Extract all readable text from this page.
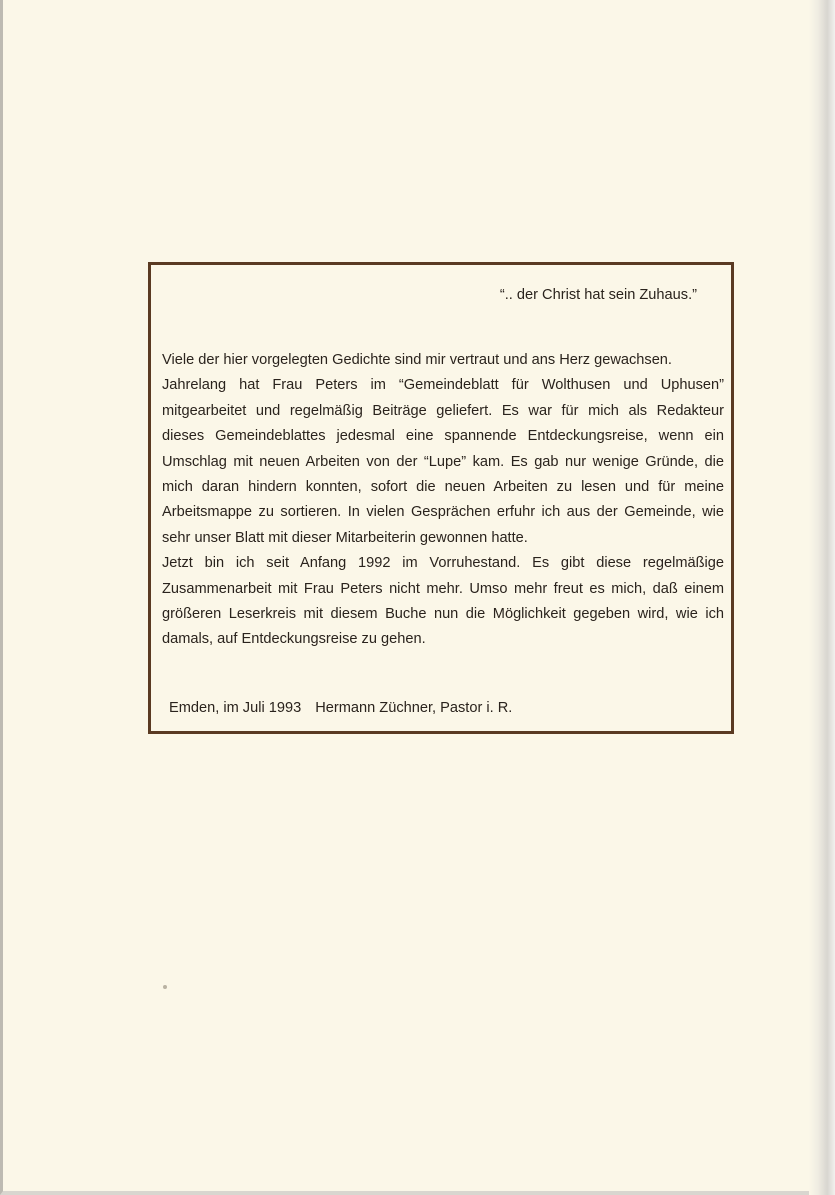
“.. der Christ hat sein Zuhaus.”
Viele der hier vorgelegten Gedichte sind mir vertraut und ans Herz gewachsen.
Jahrelang hat Frau Peters im “Gemeindeblatt für Wolthusen und Uphusen”
mitgearbeitet und regelmäßig Beiträge geliefert. Es war für mich als Redakteur
dieses Gemeindeblattes jedesmal eine spannende Entdeckungsreise, wenn ein
Umschlag mit neuen Arbeiten von der “Lupe” kam. Es gab nur wenige Gründe, die
mich daran hindern konnten, sofort die neuen Arbeiten zu lesen und für meine
Arbeitsmappe zu sortieren. In vielen Gesprächen erfuhr ich aus der Gemeinde, wie
sehr unser Blatt mit dieser Mitarbeiterin gewonnen hatte.
Jetzt bin ich seit Anfang 1992 im Vorruhestand. Es gibt diese regelmäßige
Zusammenarbeit mit Frau Peters nicht mehr. Umso mehr freut es mich, daß einem
größeren Leserkreis mit diesem Buche nun die Möglichkeit gegeben wird, wie ich
damals, auf Entdeckungsreise zu gehen.
Emden, im Juli 1993 Hermann Züchner, Pastor i. R.
